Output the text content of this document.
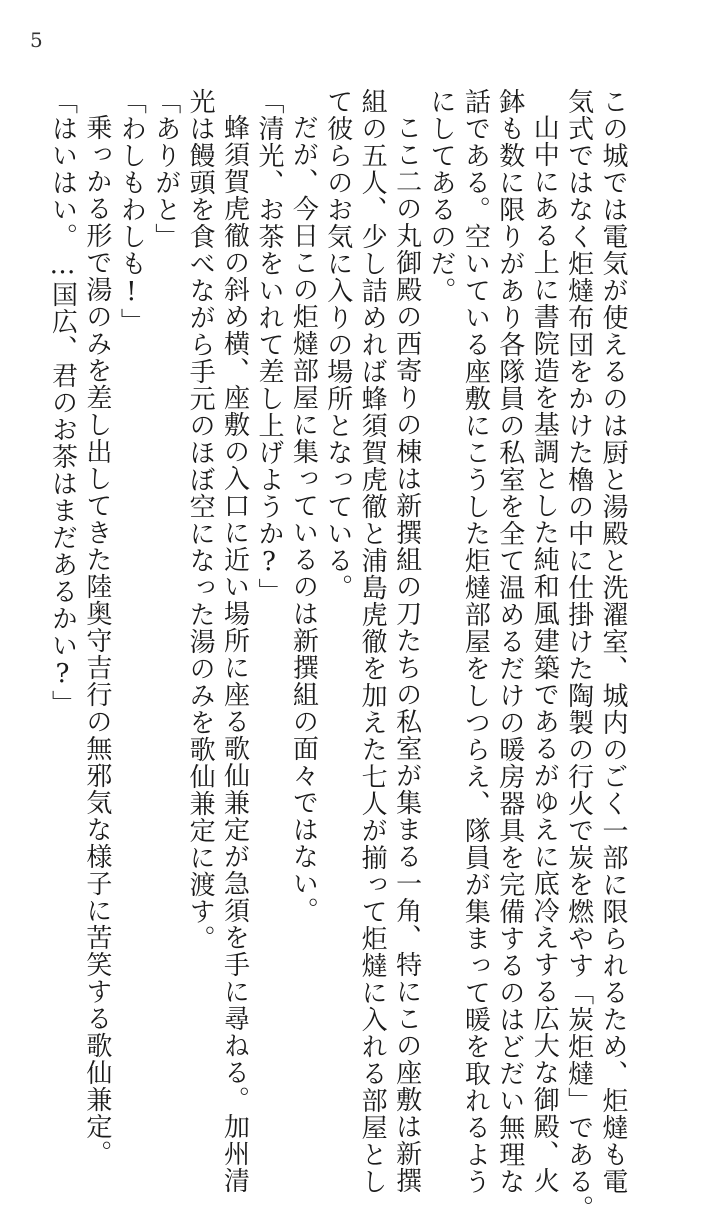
5

この城では電気が使えるのは厨と湯殿と洗濯室、城内のごく一部に限られるため、炬燵も電

気式ではなく炬燵布団をかけた櫓の中に仕掛けた陶製の行火で炭を燃やす「炭炬燵」である。

山中にある上に書院造を基調とした純和風建築であるがゆえに底冷えする広大な御殿、火

鉢も数に限りがあり各隊員の私室を全て温めるだけの暖房器具を完備するのはどだい無理な

話である。空いている座敷にこうした炬燵部屋をしつらえ、隊員が集まって暖を取れるよう

にしてあるのだ。

ここ二の丸御殿の西寄りの棟は新撰組の刀たちの私室が集まる一角、特にこの座敷は新撰

組の五人、少し詰めれば蜂須賀虎徹と浦島虎徹を加えた七人が揃って炬燵に入れる部屋とし

て彼らのお気に入りの場所となっている。

だが、今日この炬燵部屋に集っているのは新撰組の面々ではない。

「清光、お茶をいれて差し上げようか?」

蜂須賀虎徹の斜め横、座敷の入口に近い場所に座る歌仙兼定が急須を手に尋ねる。加州清

光は饅頭を食べながら手元のほぼ空になった湯のみを歌仙兼定に渡す。

「ありがと」

「わしもわしも!」

乗っかる形で湯のみを差し出してきた陸奥守吉行の無邪気な様子に苦笑する歌仙兼定。

「はいはい。…国広、君のお茶はまだあるかい?」
